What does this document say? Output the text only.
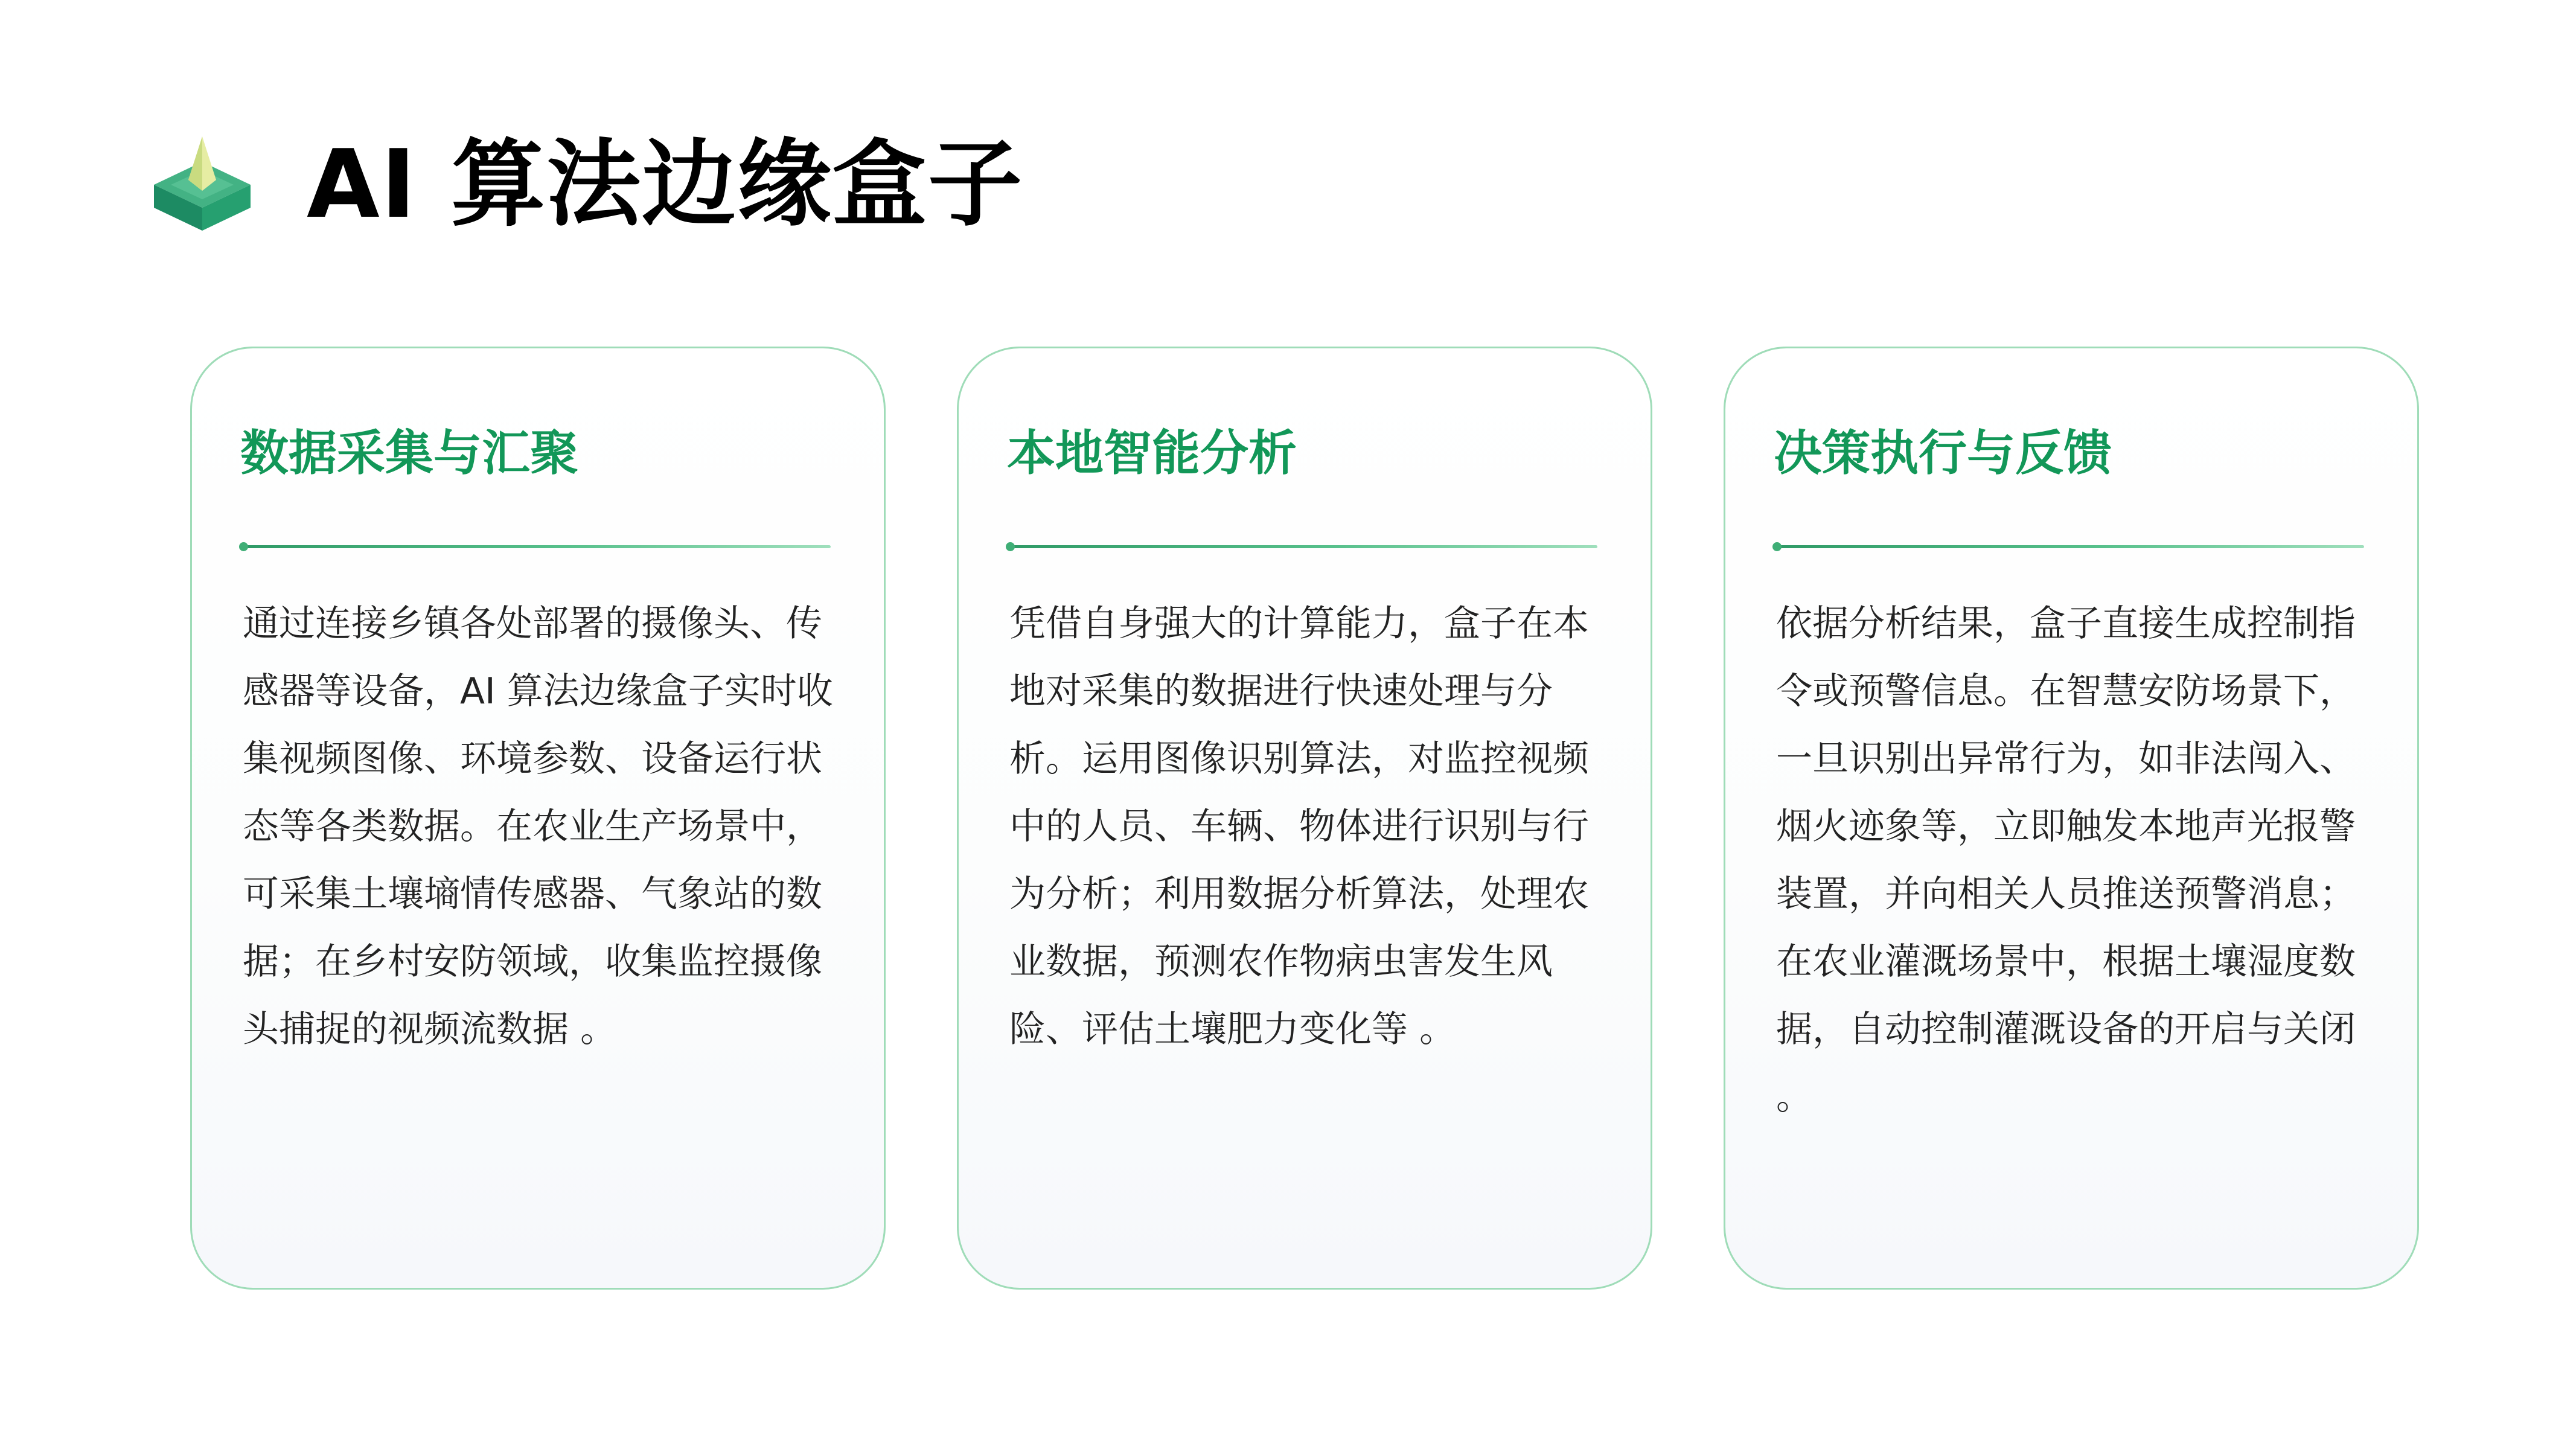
AI 算法边缘盒子
数据采集与汇聚

通过连接乡镇各处部署的摄像头、传感器等设备，AI 算法边缘盒子实时收集视频图像、环境参数、设备运行状态等各类数据。在农业生产场景中，可采集土壤墒情传感器、气象站的数据；在乡村安防领域，收集监控摄像头捕捉的视频流数据 。

本地智能分析

凭借自身强大的计算能力，盒子在本地对采集的数据进行快速处理与分析。运用图像识别算法，对监控视频中的人员、车辆、物体进行识别与行为分析；利用数据分析算法，处理农业数据，预测农作物病虫害发生风险、评估土壤肥力变化等 。

决策执行与反馈

依据分析结果，盒子直接生成控制指令或预警信息。在智慧安防场景下，一旦识别出异常行为，如非法闯入、烟火迹象等，立即触发本地声光报警装置，并向相关人员推送预警消息；在农业灌溉场景中，根据土壤湿度数据，自动控制灌溉设备的开启与关闭 。
